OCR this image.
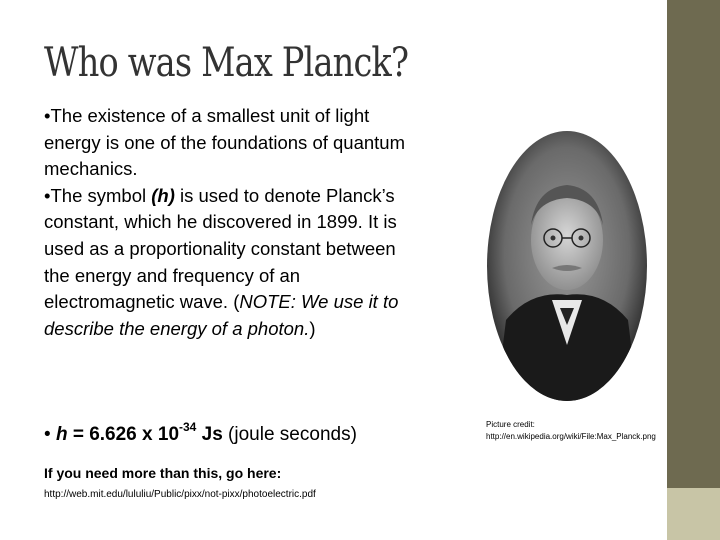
Who was Max Planck?

•The existence of a smallest unit of light energy is one of the foundations of quantum mechanics.

•The symbol (h) is used to denote Planck’s constant, which he discovered in 1899. It is used as a proportionality constant between the energy and frequency of an electromagnetic wave. (NOTE: We use it to describe the energy of a photon.)

• h = 6.626 x $10^{-34}$ Js (joule seconds)
If you need more than this, go here:
http://web.mit.edu/lululiu/Public/pixx/not-pixx/photoelectric.pdf
Picture credit:
http://en.wikipedia.org/wiki/File:Max_Planck.png
